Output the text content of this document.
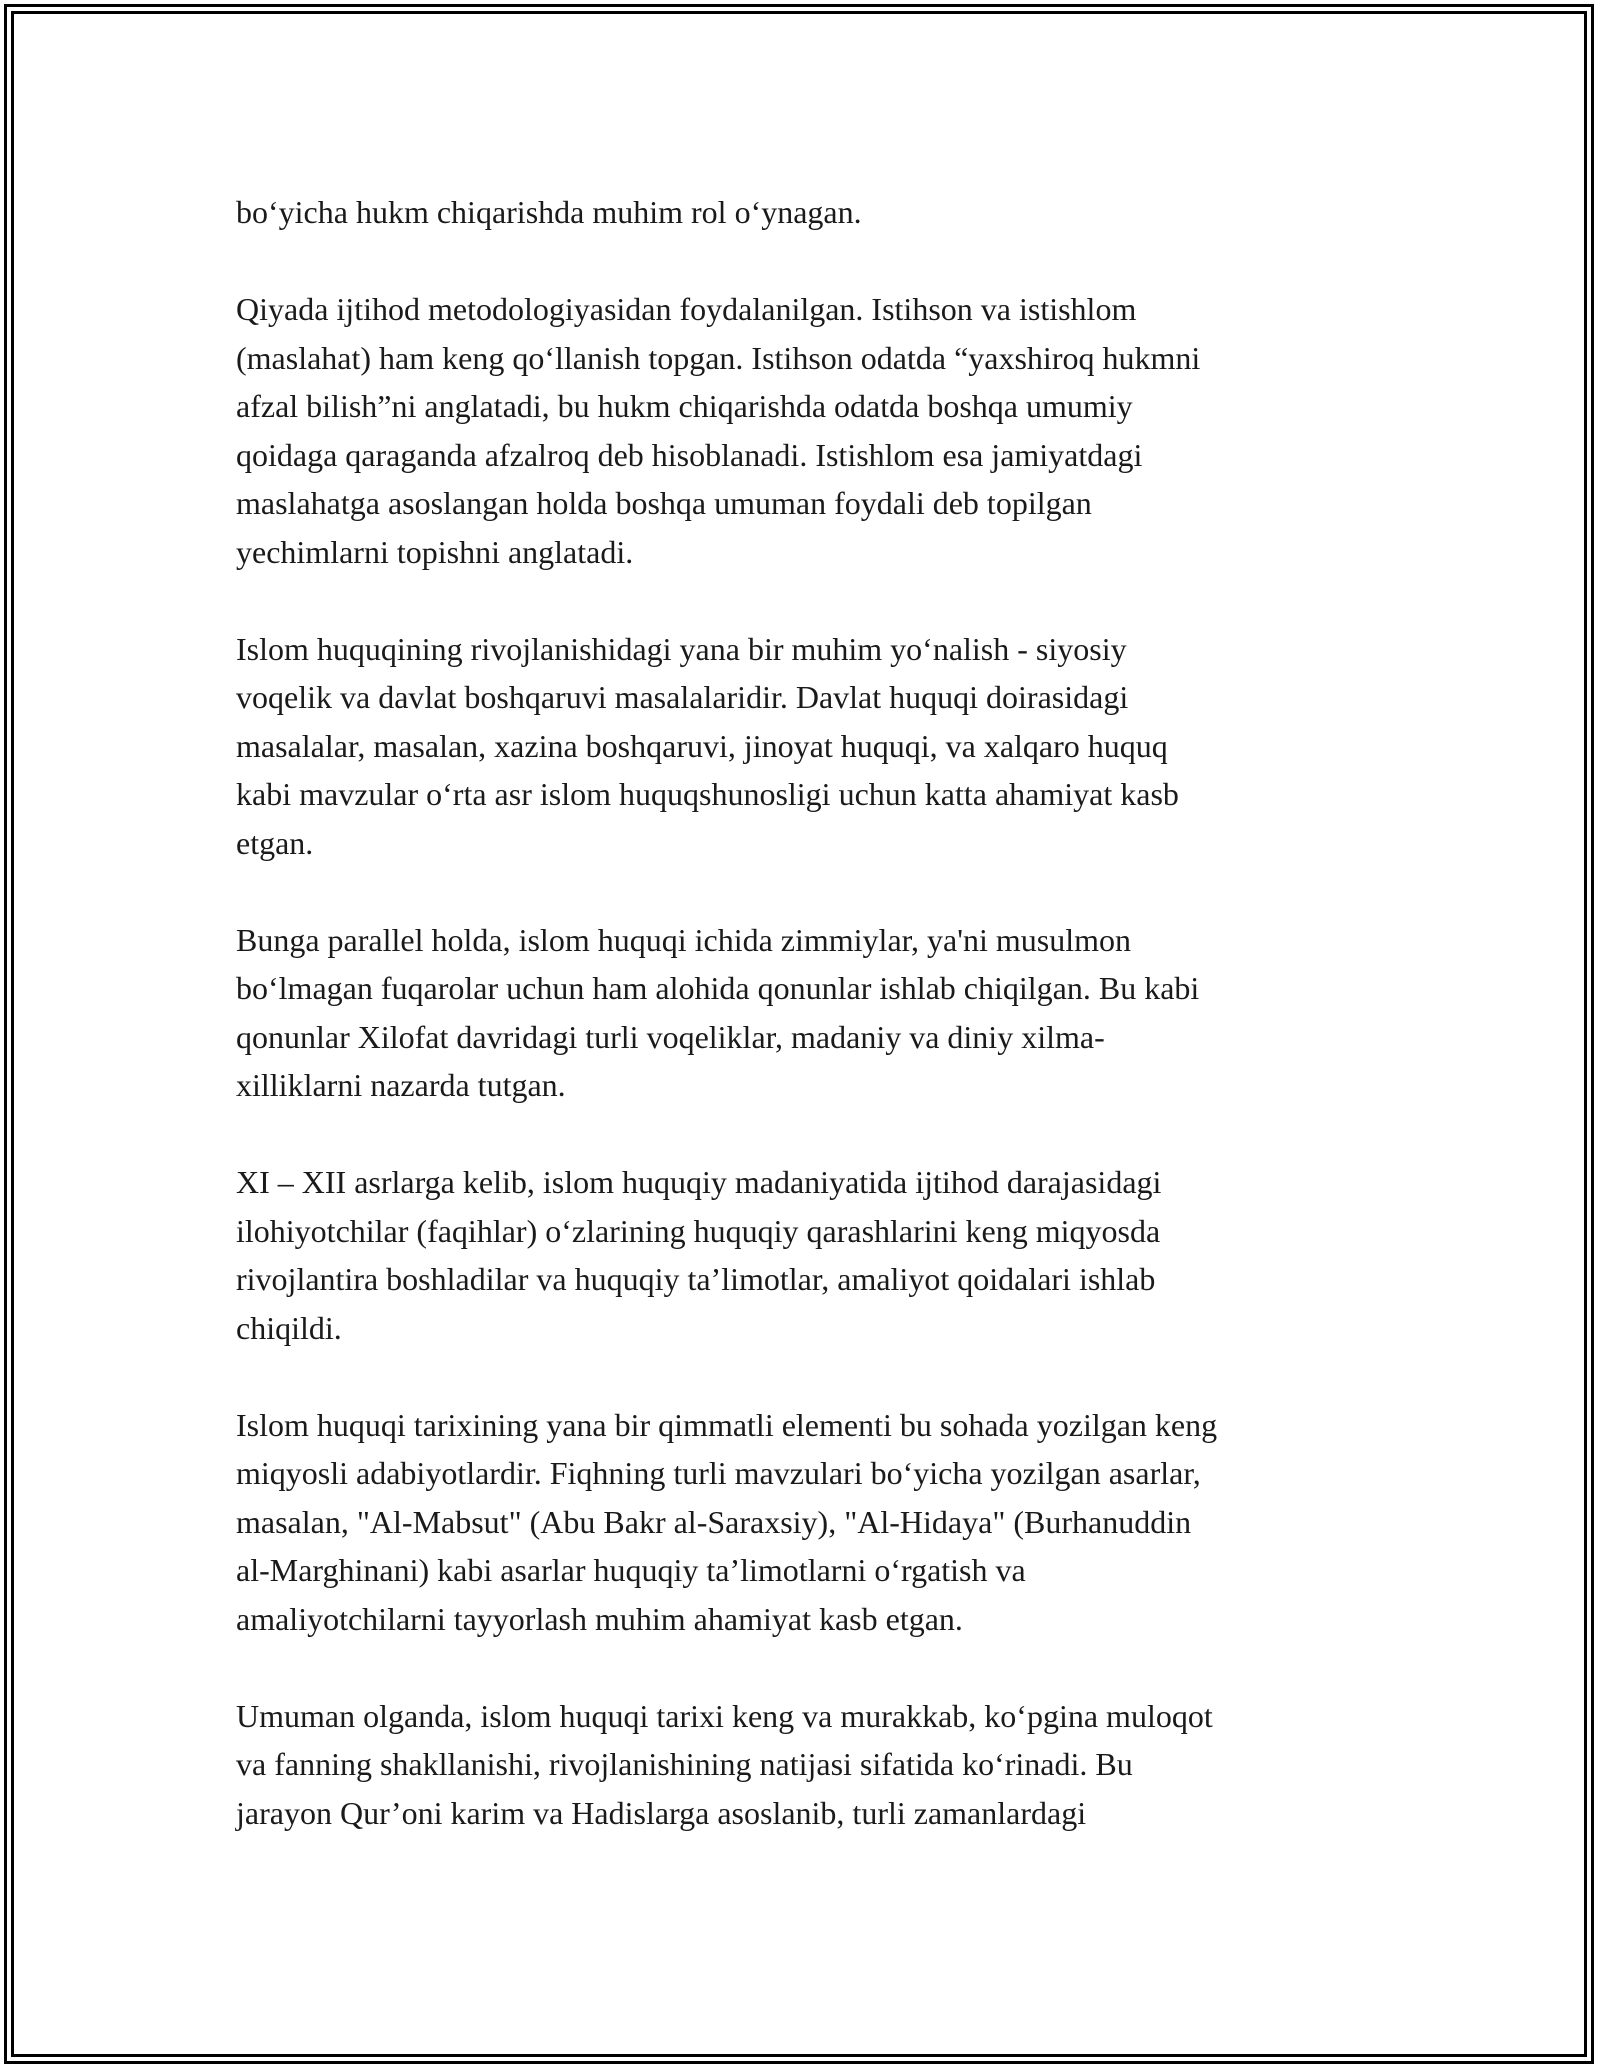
bo‘yicha hukm chiqarishda muhim rol o‘ynagan.

Qiyada ijtihod metodologiyasidan foydalanilgan. Istihson va istishlom
(maslahat) ham keng qo‘llanish topgan. Istihson odatda “yaxshiroq hukmni
afzal bilish”ni anglatadi, bu hukm chiqarishda odatda boshqa umumiy
qoidaga qaraganda afzalroq deb hisoblanadi. Istishlom esa jamiyatdagi
maslahatga asoslangan holda boshqa umuman foydali deb topilgan
yechimlarni topishni anglatadi.

Islom huquqining rivojlanishidagi yana bir muhim yo‘nalish - siyosiy
voqelik va davlat boshqaruvi masalalaridir. Davlat huquqi doirasidagi
masalalar, masalan, xazina boshqaruvi, jinoyat huquqi, va xalqaro huquq
kabi mavzular o‘rta asr islom huquqshunosligi uchun katta ahamiyat kasb
etgan.

Bunga parallel holda, islom huquqi ichida zimmiylar, ya'ni musulmon
bo‘lmagan fuqarolar uchun ham alohida qonunlar ishlab chiqilgan. Bu kabi
qonunlar Xilofat davridagi turli voqeliklar, madaniy va diniy xilma-
xilliklarni nazarda tutgan.

XI – XII asrlarga kelib, islom huquqiy madaniyatida ijtihod darajasidagi
ilohiyotchilar (faqihlar) o‘zlarining huquqiy qarashlarini keng miqyosda
rivojlantira boshladilar va huquqiy ta’limotlar, amaliyot qoidalari ishlab
chiqildi.

Islom huquqi tarixining yana bir qimmatli elementi bu sohada yozilgan keng
miqyosli adabiyotlardir. Fiqhning turli mavzulari bo‘yicha yozilgan asarlar,
masalan, "Al-Mabsut" (Abu Bakr al-Saraxsiy), "Al-Hidaya" (Burhanuddin
al-Marghinani) kabi asarlar huquqiy ta’limotlarni o‘rgatish va
amaliyotchilarni tayyorlash muhim ahamiyat kasb etgan.

Umuman olganda, islom huquqi tarixi keng va murakkab, ko‘pgina muloqot
va fanning shakllanishi, rivojlanishining natijasi sifatida ko‘rinadi. Bu
jarayon Qur’oni karim va Hadislarga asoslanib, turli zamanlardagi
